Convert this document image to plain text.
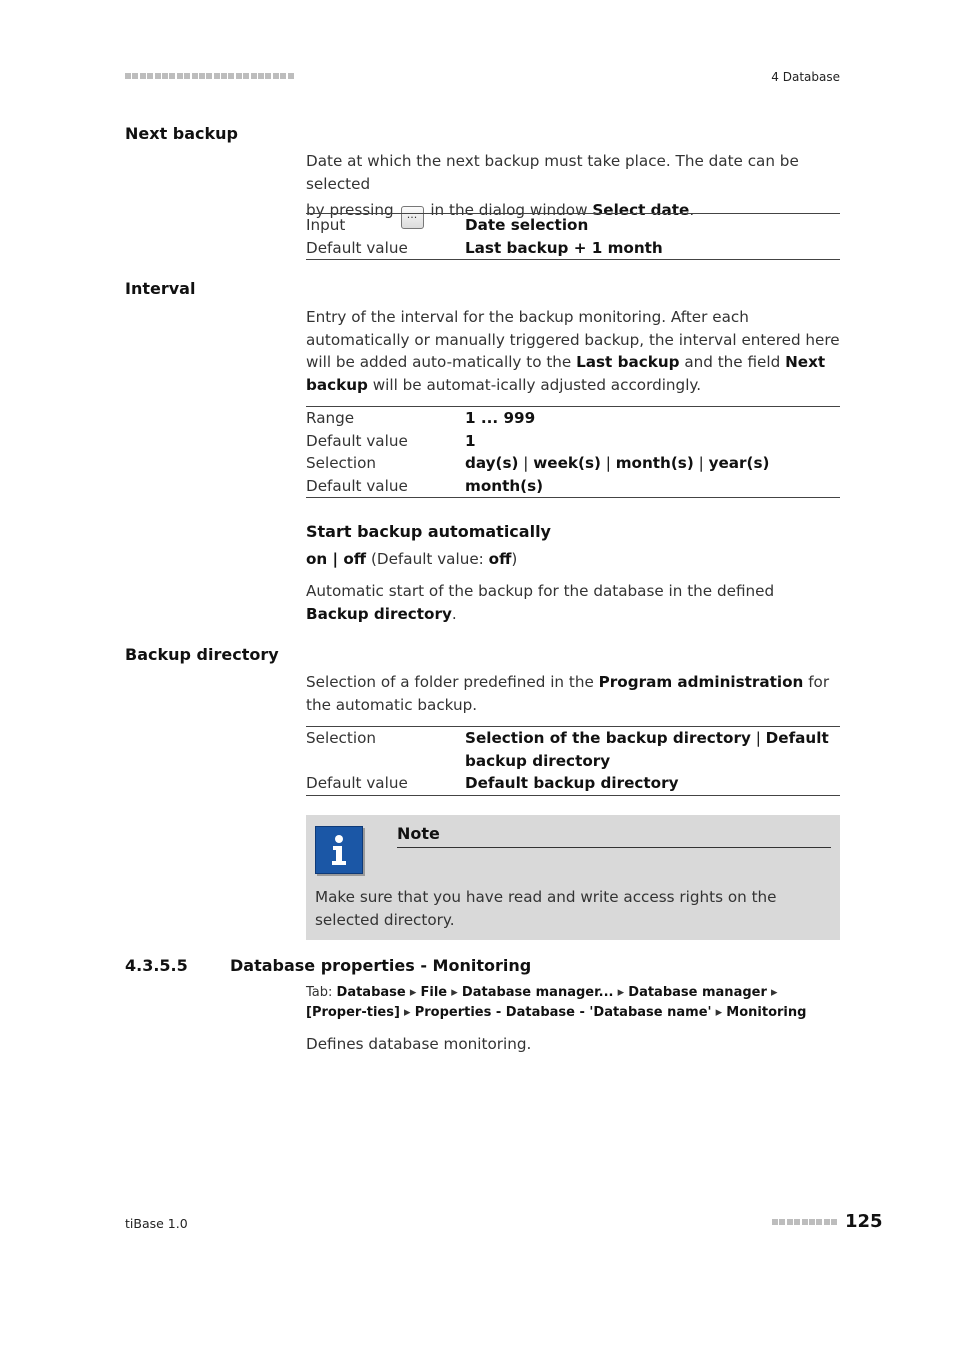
4 Database
Next backup
Date at which the next backup must take place. The date can be selected
by pressing ... in the dialog window Select date.
Input	Date selection
Default value	Last backup + 1 month
Interval
Entry of the interval for the backup monitoring. After each automatically or manually triggered backup, the interval entered here will be added auto-matically to the Last backup and the field Next backup will be automat-ically adjusted accordingly.
Range	1 ... 999
Default value	1
Selection	day(s) | week(s) | month(s) | year(s)
Default value	month(s)
Start backup automatically
on | off (Default value: off)
Automatic start of the backup for the database in the defined Backup directory.
Backup directory
Selection of a folder predefined in the Program administration for the automatic backup.
Selection	Selection of the backup directory | Default backup directory
Default value	Default backup directory
Note
Make sure that you have read and write access rights on the selected directory.
4.3.5.5	Database properties - Monitoring
Tab: Database ▸ File ▸ Database manager... ▸ Database manager ▸ [Proper-ties] ▸ Properties - Database - 'Database name' ▸ Monitoring
Defines database monitoring.
tiBase 1.0	125
